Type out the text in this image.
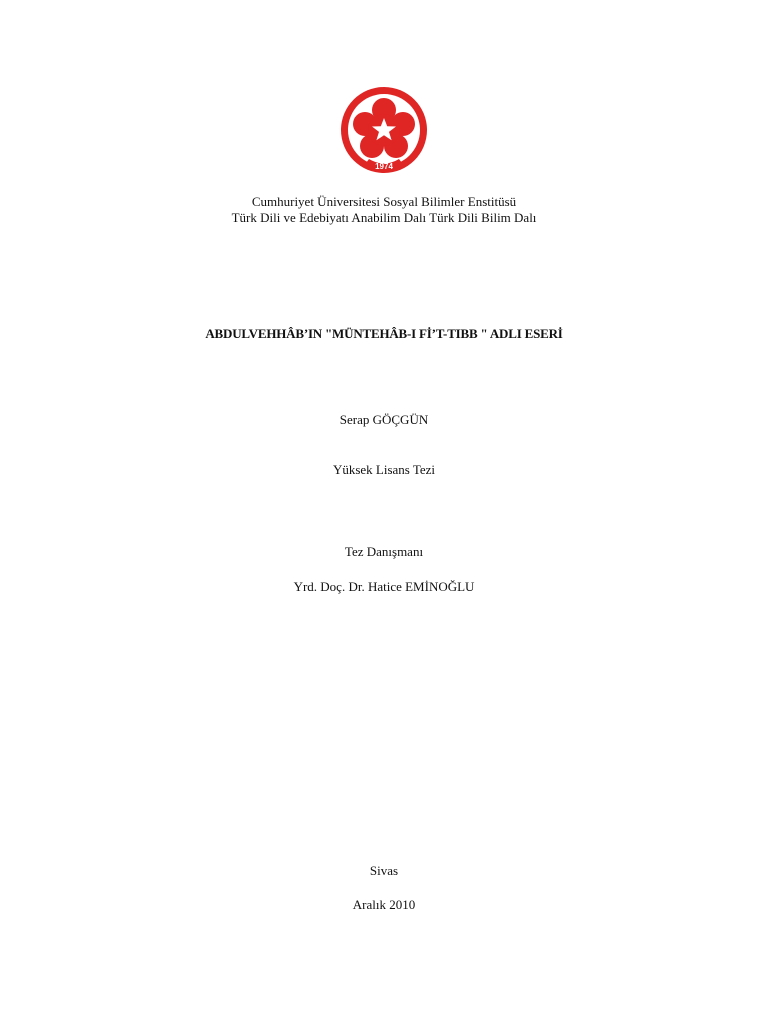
1974
Cumhuriyet Üniversitesi Sosyal Bilimler Enstitüsü
Türk Dili ve Edebiyatı Anabilim Dalı Türk Dili Bilim Dalı
ABDULVEHHÂB’IN "MÜNTEHÂB-I Fİ’T-TIBB " ADLI ESERİ
Serap GÖÇGÜN
Yüksek Lisans Tezi
Tez Danışmanı
Yrd. Doç. Dr. Hatice EMİNOĞLU
Sivas
Aralık 2010
